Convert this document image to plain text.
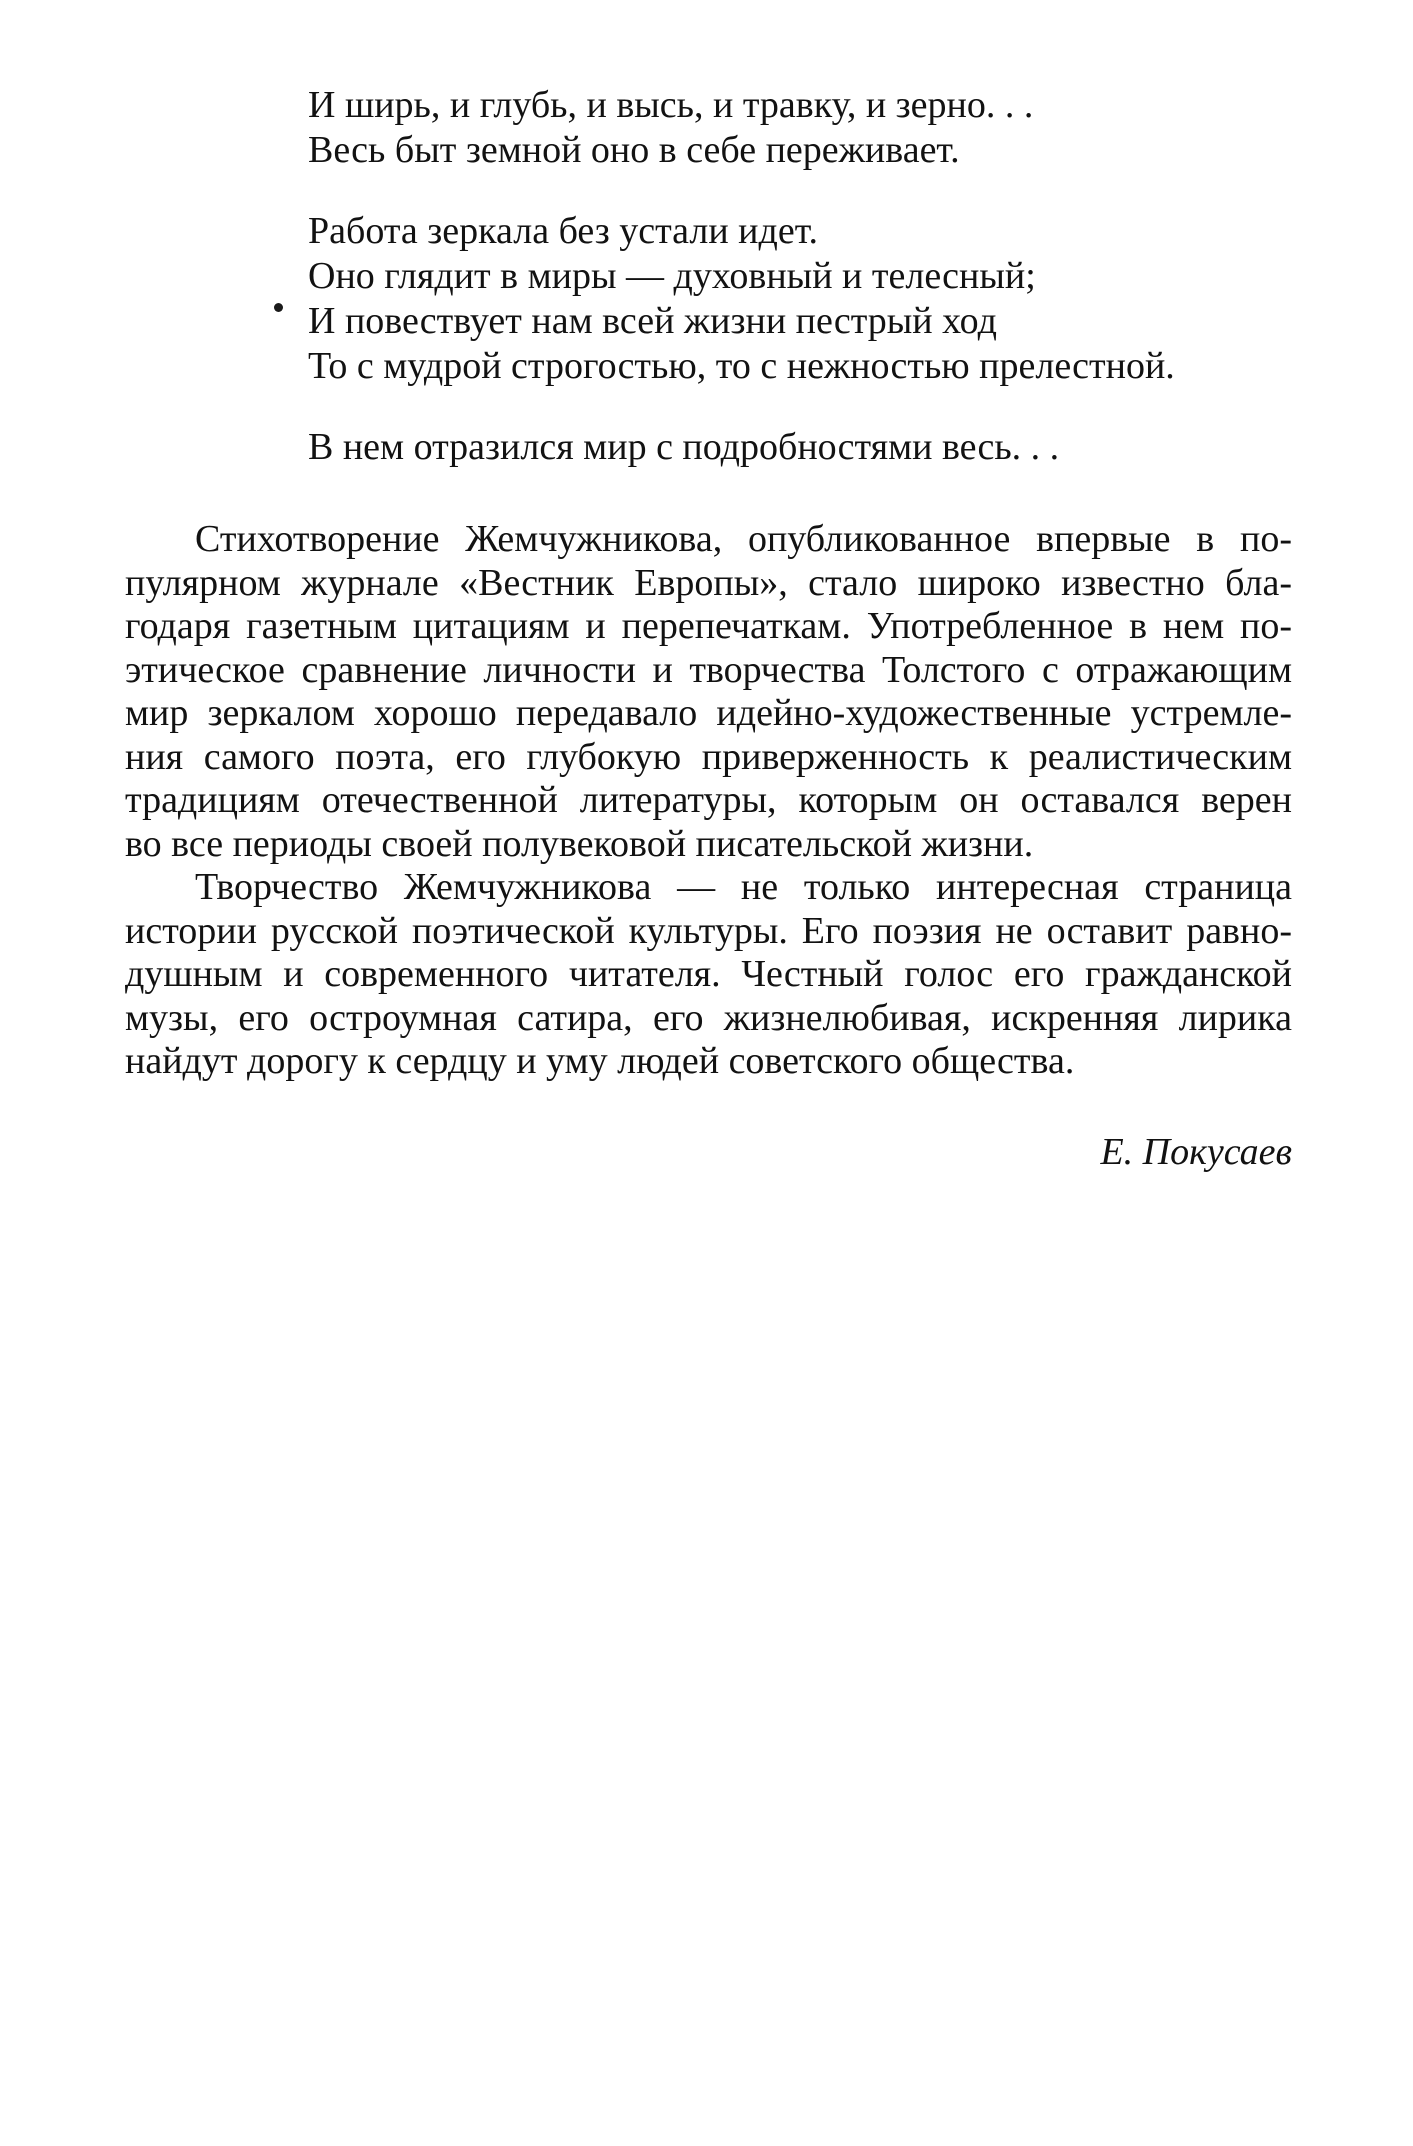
И ширь, и глубь, и высь, и травку, и зерно. . .
Весь быт земной оно в себе переживает.
Работа зеркала без устали идет.
Оно глядит в миры — духовный и телесный;
И повествует нам всей жизни пестрый ход
То с мудрой строгостью, то с нежностью прелестной.
В нем отразился мир с подробностями весь. . .
Стихотворение Жемчужникова, опубликованное впервые в по-
пулярном журнале «Вестник Европы», стало широко известно бла-
годаря газетным цитациям и перепечаткам. Употребленное в нем по-
этическое сравнение личности и творчества Толстого с отражающим
мир зеркалом хорошо передавало идейно-художественные устремле-
ния самого поэта, его глубокую приверженность к реалистическим
традициям отечественной литературы, которым он оставался верен
во все периоды своей полувековой писательской жизни.
Творчество Жемчужникова — не только интересная страница
истории русской поэтической культуры. Его поэзия не оставит равно-
душным и современного читателя. Честный голос его гражданской
музы, его остроумная сатира, его жизнелюбивая, искренняя лирика
найдут дорогу к сердцу и уму людей советского общества.
Е. Покусаев
